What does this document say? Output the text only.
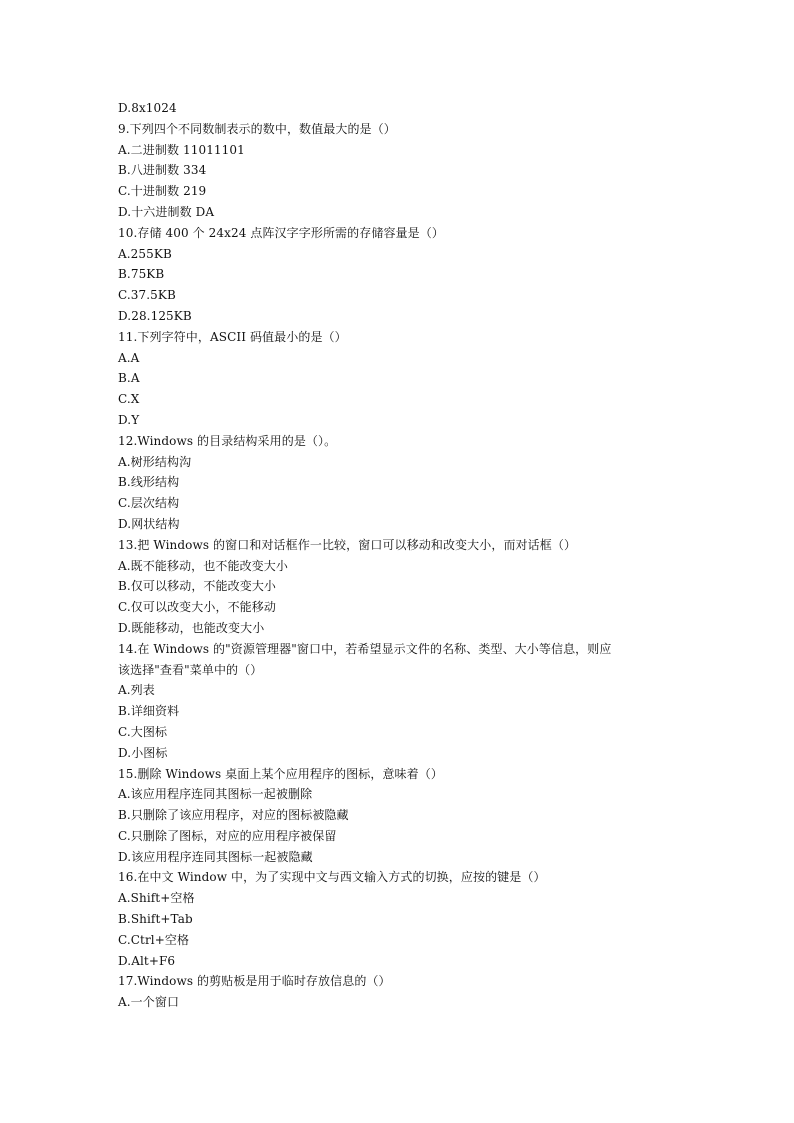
D.8x1024
9.下列四个不同数制表示的数中，数值最大的是（）
A.二进制数 11011101
B.八进制数 334
C.十进制数 219
D.十六进制数 DA
10.存储 400 个 24x24 点阵汉字字形所需的存储容量是（）
A.255KB
B.75KB
C.37.5KB
D.28.125KB
11.下列字符中，ASCII 码值最小的是（）
A.A
B.A
C.X
D.Y
12.Windows 的目录结构采用的是（）。
A.树形结构沟
B.线形结构
C.层次结构
D.网状结构
13.把 Windows 的窗口和对话框作一比较，窗口可以移动和改变大小，而对话框（）
A.既不能移动，也不能改变大小
B.仅可以移动，不能改变大小
C.仅可以改变大小，不能移动
D.既能移动，也能改变大小
14.在 Windows 的"资源管理器"窗口中，若希望显示文件的名称、类型、大小等信息，则应
该选择"查看"菜单中的（）
A.列表
B.详细资料
C.大图标
D.小图标
15.删除 Windows 桌面上某个应用程序的图标，意味着（）
A.该应用程序连同其图标一起被删除
B.只删除了该应用程序，对应的图标被隐藏
C.只删除了图标，对应的应用程序被保留
D.该应用程序连同其图标一起被隐藏
16.在中文 Window 中，为了实现中文与西文输入方式的切换，应按的键是（）
A.Shift+空格
B.Shift+Tab
C.Ctrl+空格
D.Alt+F6
17.Windows 的剪贴板是用于临时存放信息的（）
A.一个窗口
